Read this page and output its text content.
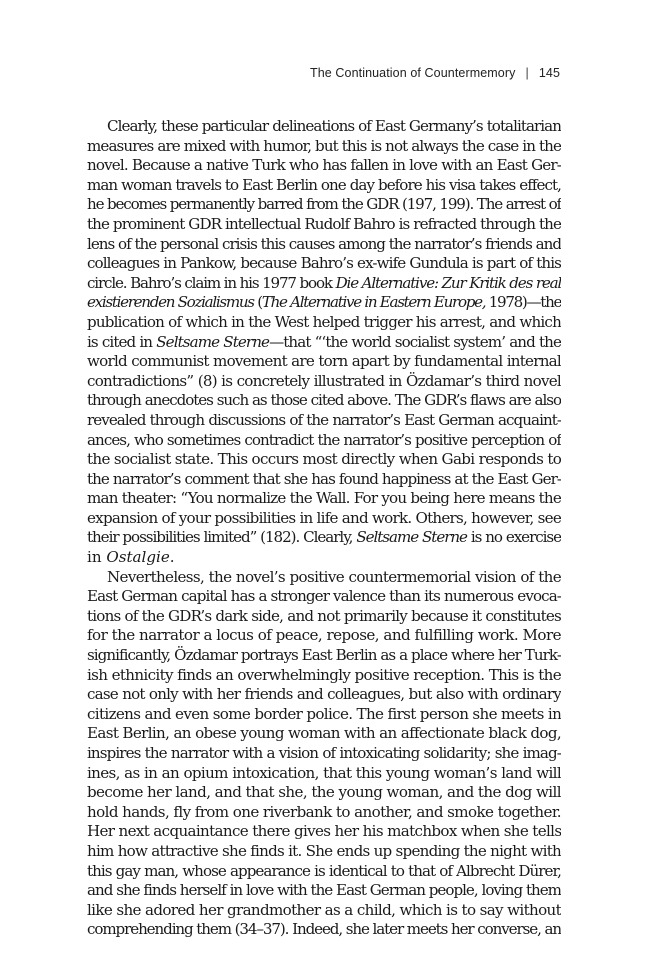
The Continuation of Countermemory | 145
Clearly, these particular delineations of East Germany’s totalitarian
measures are mixed with humor, but this is not always the case in the
novel. Because a native Turk who has fallen in love with an East Ger-
man woman travels to East Berlin one day before his visa takes effect,
he becomes permanently barred from the GDR (197, 199). The arrest of
the prominent GDR intellectual Rudolf Bahro is refracted through the
lens of the personal crisis this causes among the narrator’s friends and
colleagues in Pankow, because Bahro’s ex-wife Gundula is part of this
circle. Bahro’s claim in his 1977 book Die Alternative: Zur Kritik des real
existierenden Sozialismus (The Alternative in Eastern Europe, 1978)—the
publication of which in the West helped trigger his arrest, and which
is cited in Seltsame Sterne—that “‘the world socialist system’ and the
world communist movement are torn apart by fundamental internal
contradictions” (8) is concretely illustrated in Özdamar’s third novel
through anecdotes such as those cited above. The GDR’s flaws are also
revealed through discussions of the narrator’s East German acquaint-
ances, who sometimes contradict the narrator’s positive perception of
the socialist state. This occurs most directly when Gabi responds to
the narrator’s comment that she has found happiness at the East Ger-
man theater: “You normalize the Wall. For you being here means the
expansion of your possibilities in life and work. Others, however, see
their possibilities limited” (182). Clearly, Seltsame Sterne is no exercise
in Ostalgie.
Nevertheless, the novel’s positive countermemorial vision of the
East German capital has a stronger valence than its numerous evoca-
tions of the GDR’s dark side, and not primarily because it constitutes
for the narrator a locus of peace, repose, and fulfilling work. More
significantly, Özdamar portrays East Berlin as a place where her Turk-
ish ethnicity finds an overwhelmingly positive reception. This is the
case not only with her friends and colleagues, but also with ordinary
citizens and even some border police. The first person she meets in
East Berlin, an obese young woman with an affectionate black dog,
inspires the narrator with a vision of intoxicating solidarity; she imag-
ines, as in an opium intoxication, that this young woman’s land will
become her land, and that she, the young woman, and the dog will
hold hands, fly from one riverbank to another, and smoke together.
Her next acquaintance there gives her his matchbox when she tells
him how attractive she finds it. She ends up spending the night with
this gay man, whose appearance is identical to that of Albrecht Dürer,
and she finds herself in love with the East German people, loving them
like she adored her grandmother as a child, which is to say without
comprehending them (34–37). Indeed, she later meets her converse, an
